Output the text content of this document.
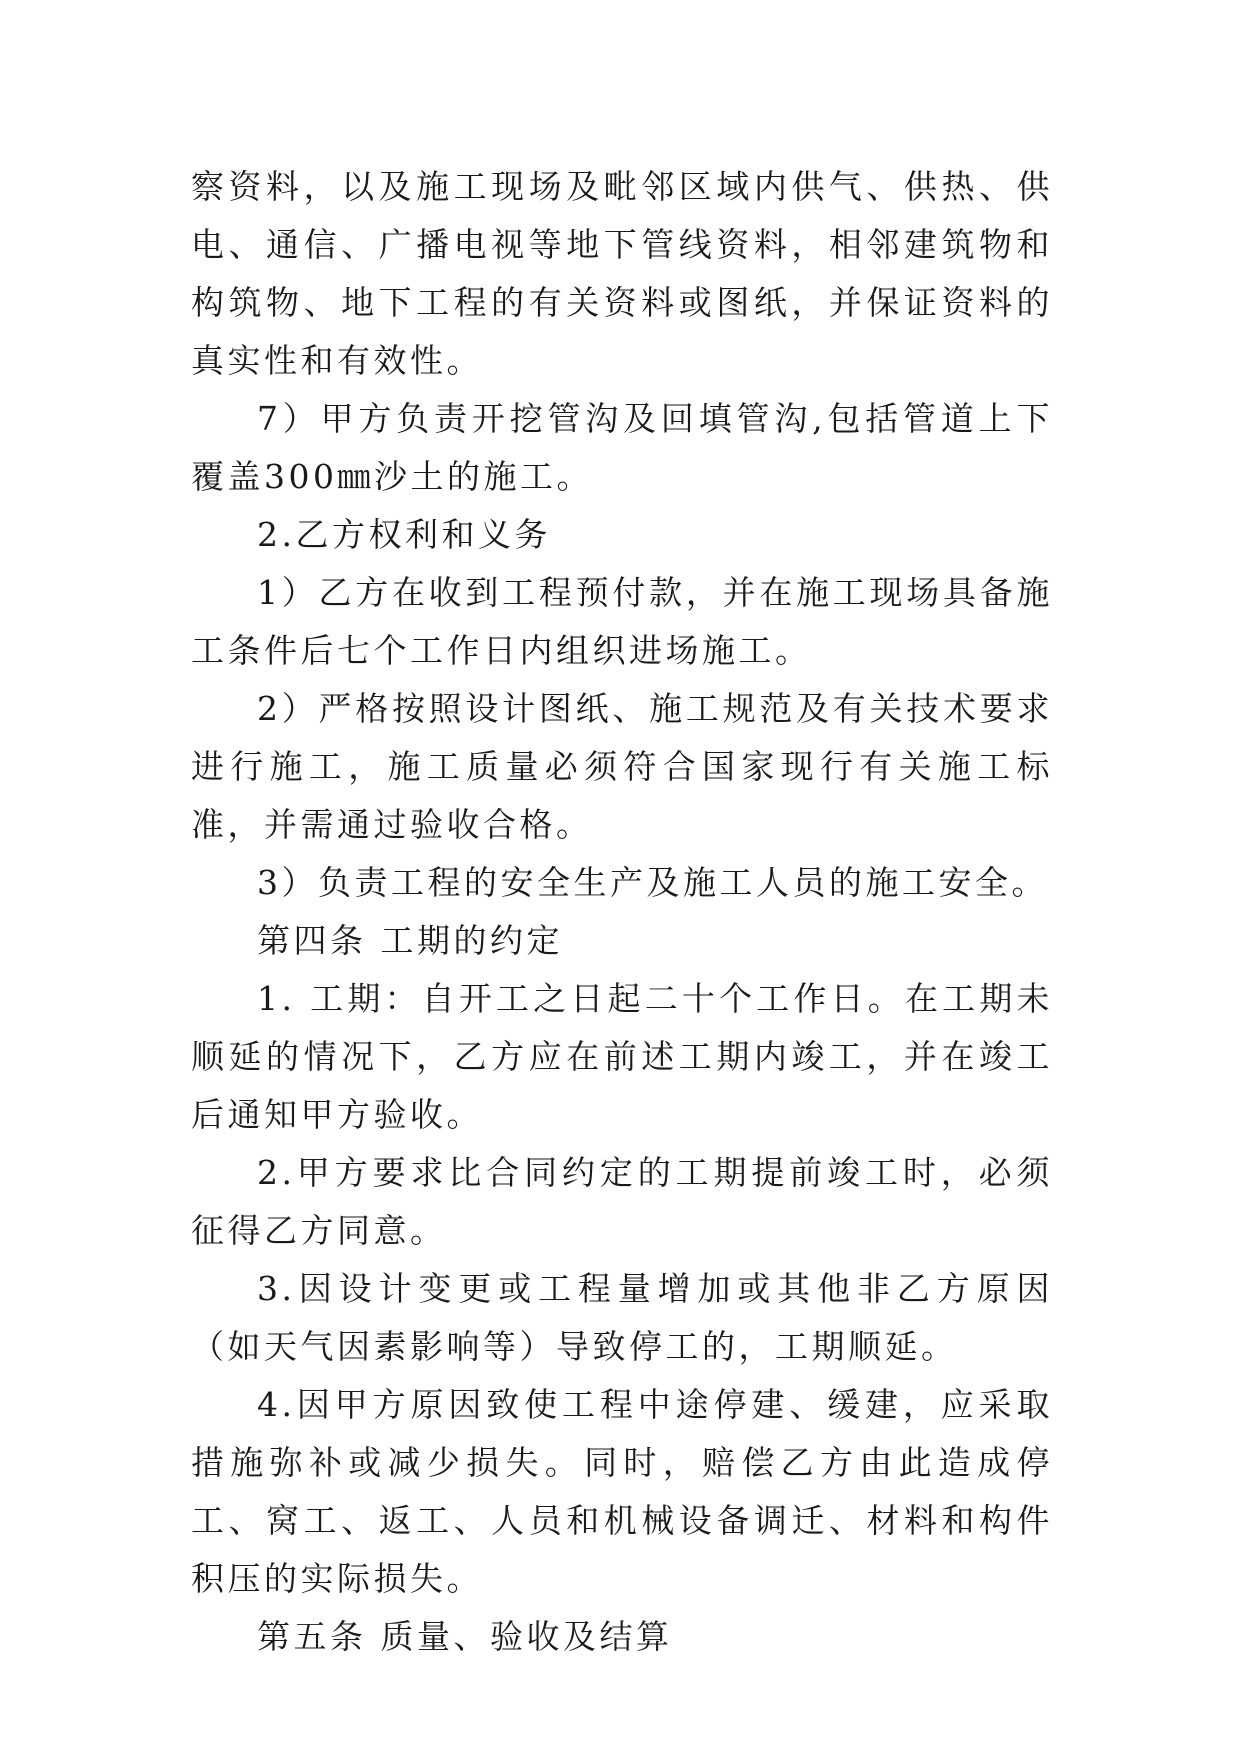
察资料，以及施工现场及毗邻区域内供气、供热、供电、通信、广播电视等地下管线资料，相邻建筑物和构筑物、地下工程的有关资料或图纸，并保证资料的真实性和有效性。

7）甲方负责开挖管沟及回填管沟,包括管道上下覆盖300㎜沙土的施工。

2.乙方权利和义务

1）乙方在收到工程预付款，并在施工现场具备施工条件后七个工作日内组织进场施工。

2）严格按照设计图纸、施工规范及有关技术要求进行施工，施工质量必须符合国家现行有关施工标准，并需通过验收合格。

3）负责工程的安全生产及施工人员的施工安全。

第四条 工期的约定

1. 工期：自开工之日起二十个工作日。在工期未顺延的情况下，乙方应在前述工期内竣工，并在竣工后通知甲方验收。

2.甲方要求比合同约定的工期提前竣工时，必须征得乙方同意。

3.因设计变更或工程量增加或其他非乙方原因（如天气因素影响等）导致停工的，工期顺延。

4.因甲方原因致使工程中途停建、缓建，应采取措施弥补或减少损失。同时，赔偿乙方由此造成停工、窝工、返工、人员和机械设备调迁、材料和构件积压的实际损失。

第五条 质量、验收及结算
